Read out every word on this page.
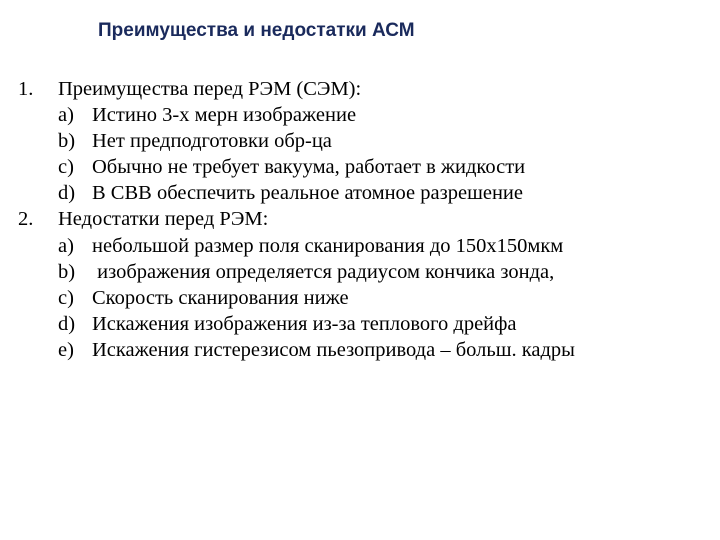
Преимущества и недостатки АСМ
1. Преимущества перед РЭМ (СЭМ):
a) Истино 3-х мерн изображение
b) Нет предподготовки обр-ца
c) Обычно не требует вакуума, работает в жидкости
d) В СВВ обеспечить реальное атомное разрешение
2. Недостатки перед РЭМ:
a) небольшой размер поля сканирования до 150х150мкм
b) изображения определяется радиусом кончика зонда,
c) Скорость сканирования ниже
d) Искажения изображения из-за теплового дрейфа
e) Искажения гистерезисом пьезопривода – больш. кадры
